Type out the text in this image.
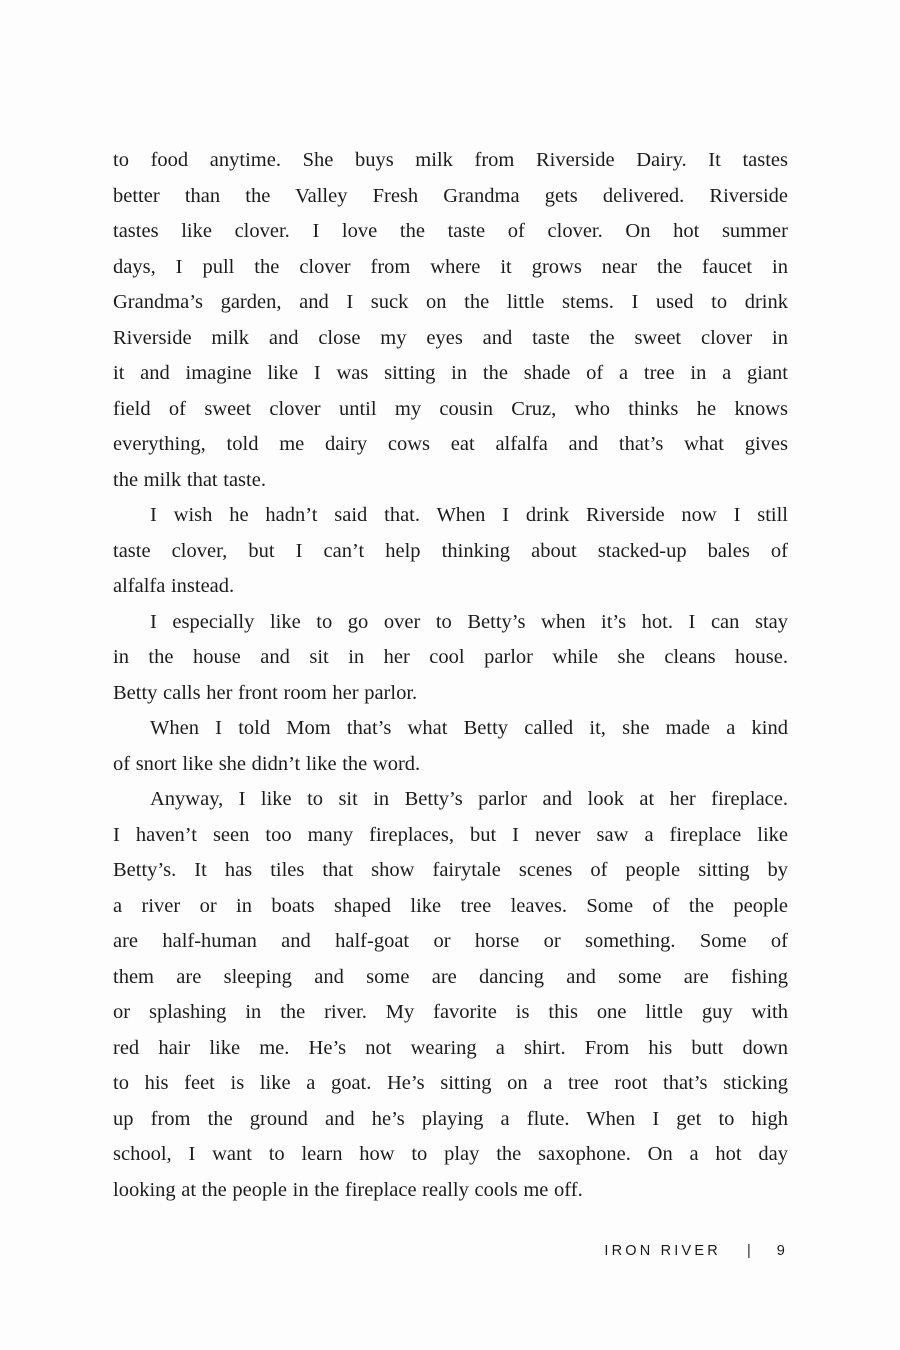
to food anytime. She buys milk from Riverside Dairy. It tastes
better than the Valley Fresh Grandma gets delivered. Riverside
tastes like clover. I love the taste of clover. On hot summer
days, I pull the clover from where it grows near the faucet in
Grandma’s garden, and I suck on the little stems. I used to drink
Riverside milk and close my eyes and taste the sweet clover in
it and imagine like I was sitting in the shade of a tree in a giant
field of sweet clover until my cousin Cruz, who thinks he knows
everything, told me dairy cows eat alfalfa and that’s what gives
the milk that taste.
I wish he hadn’t said that. When I drink Riverside now I still
taste clover, but I can’t help thinking about stacked-up bales of
alfalfa instead.
I especially like to go over to Betty’s when it’s hot. I can stay
in the house and sit in her cool parlor while she cleans house.
Betty calls her front room her parlor.
When I told Mom that’s what Betty called it, she made a kind
of snort like she didn’t like the word.
Anyway, I like to sit in Betty’s parlor and look at her fireplace.
I haven’t seen too many fireplaces, but I never saw a fireplace like
Betty’s. It has tiles that show fairytale scenes of people sitting by
a river or in boats shaped like tree leaves. Some of the people
are half-human and half-goat or horse or something. Some of
them are sleeping and some are dancing and some are fishing
or splashing in the river. My favorite is this one little guy with
red hair like me. He’s not wearing a shirt. From his butt down
to his feet is like a goat. He’s sitting on a tree root that’s sticking
up from the ground and he’s playing a flute. When I get to high
school, I want to learn how to play the saxophone. On a hot day
looking at the people in the fireplace really cools me off.
IRON RIVER | 9
